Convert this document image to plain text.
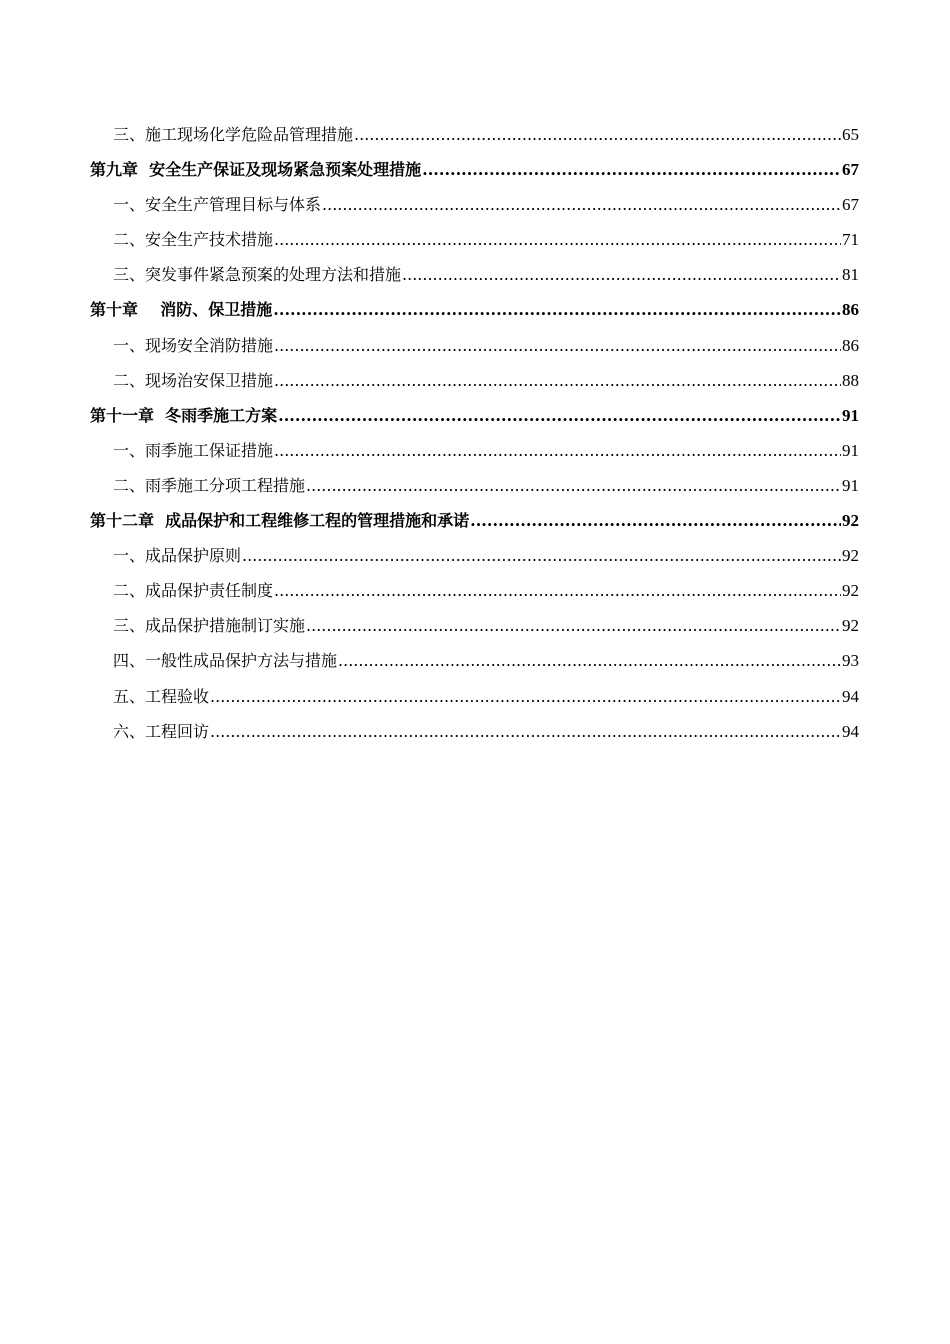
三、施工现场化学危险品管理措施 .....	65
第九章  安全生产保证及现场紧急预案处理措施 .....	67
一、安全生产管理目标与体系 .....	67
二、安全生产技术措施 .....	71
三、突发事件紧急预案的处理方法和措施 .....	81
第十章    消防、保卫措施 .....	86
一、现场安全消防措施 .....	86
二、现场治安保卫措施 .....	88
第十一章  冬雨季施工方案 .....	91
一、雨季施工保证措施 .....	91
二、雨季施工分项工程措施 .....	91
第十二章  成品保护和工程维修工程的管理措施和承诺 .....	92
一、成品保护原则 .....	92
二、成品保护责任制度 .....	92
三、成品保护措施制订实施 .....	92
四、一般性成品保护方法与措施 .....	93
五、工程验收 .....	94
六、工程回访 .....	94
